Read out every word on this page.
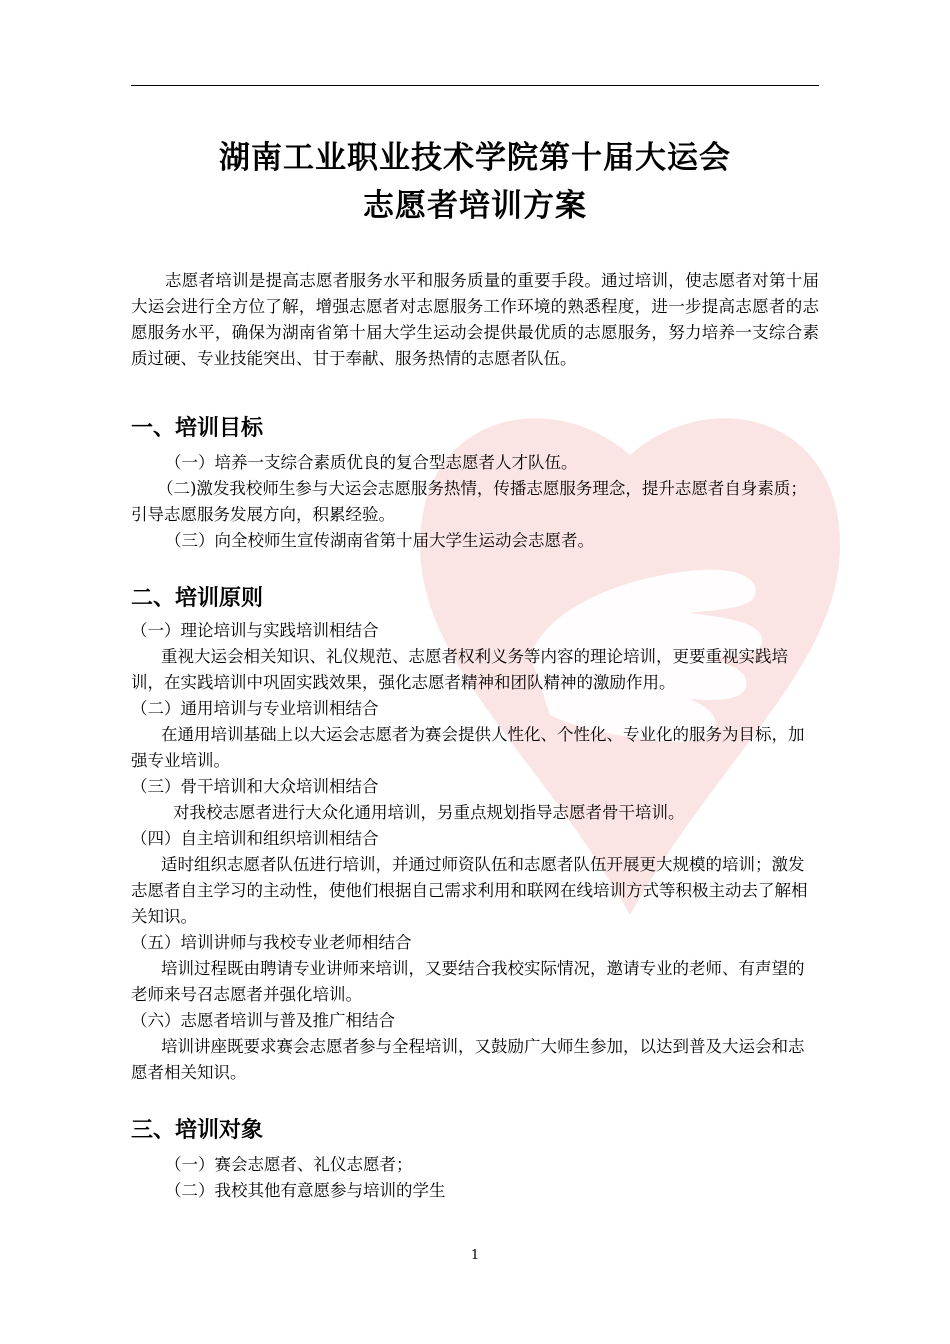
湖南工业职业技术学院第十届大运会
志愿者培训方案

志愿者培训是提高志愿者服务水平和服务质量的重要手段。通过培训，使志愿者对第十届大运会进行全方位了解，增强志愿者对志愿服务工作环境的熟悉程度，进一步提高志愿者的志愿服务水平，确保为湖南省第十届大学生运动会提供最优质的志愿服务，努力培养一支综合素质过硬、专业技能突出、甘于奉献、服务热情的志愿者队伍。

一、培训目标

（一）培养一支综合素质优良的复合型志愿者人才队伍。

（二)激发我校师生参与大运会志愿服务热情，传播志愿服务理念，提升志愿者自身素质；引导志愿服务发展方向，积累经验。

（三）向全校师生宣传湖南省第十届大学生运动会志愿者。

二、培训原则

（一）理论培训与实践培训相结合

重视大运会相关知识、礼仪规范、志愿者权利义务等内容的理论培训，更要重视实践培训，在实践培训中巩固实践效果，强化志愿者精神和团队精神的激励作用。

（二）通用培训与专业培训相结合

在通用培训基础上以大运会志愿者为赛会提供人性化、个性化、专业化的服务为目标，加强专业培训。

（三）骨干培训和大众培训相结合

对我校志愿者进行大众化通用培训，另重点规划指导志愿者骨干培训。

（四）自主培训和组织培训相结合

适时组织志愿者队伍进行培训，并通过师资队伍和志愿者队伍开展更大规模的培训；激发志愿者自主学习的主动性，使他们根据自己需求利用和联网在线培训方式等积极主动去了解相关知识。

（五）培训讲师与我校专业老师相结合

培训过程既由聘请专业讲师来培训，又要结合我校实际情况，邀请专业的老师、有声望的老师来号召志愿者并强化培训。

（六）志愿者培训与普及推广相结合

培训讲座既要求赛会志愿者参与全程培训，又鼓励广大师生参加，以达到普及大运会和志愿者相关知识。

三、培训对象

（一）赛会志愿者、礼仪志愿者；

（二）我校其他有意愿参与培训的学生

1
